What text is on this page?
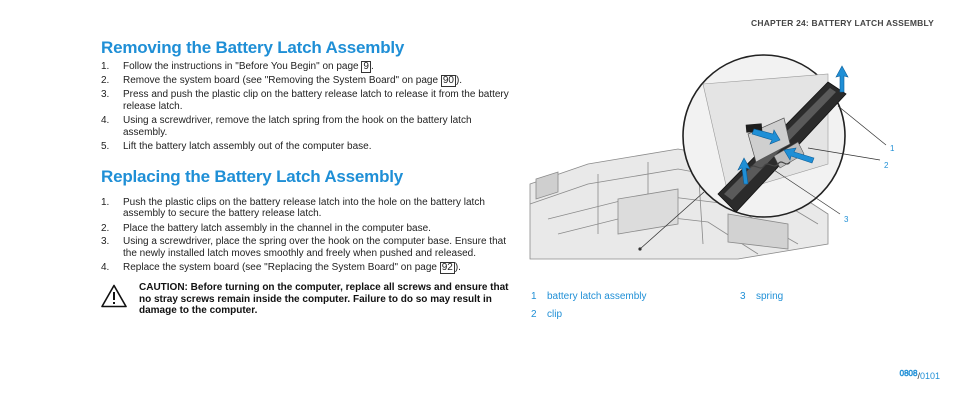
CHAPTER 24: BATTERY LATCH ASSEMBLY
Removing the Battery Latch Assembly
1. Follow the instructions in "Before You Begin" on page 9 .
2. Remove the system board (see "Removing the System Board" on page 90 ).
3. Press and push the plastic clip on the battery release latch to release it from the battery release latch.
4. Using a screwdriver, remove the latch spring from the hook on the battery latch assembly.
5. Lift the battery latch assembly out of the computer base.
Replacing the Battery Latch Assembly
1. Push the plastic clips on the battery release latch into the hole on the battery latch assembly to secure the battery release latch.
2. Place the battery latch assembly in the channel in the computer base.
3. Using a screwdriver, place the spring over the hook on the computer base. Ensure that the newly installed latch moves smoothly and freely when pushed and released.
4. Replace the system board (see "Replacing the System Board" on page 92 ).
CAUTION: Before turning on the computer, replace all screws and ensure that no stray screws remain inside the computer. Failure to do so may result in damage to the computer.
1
2
3
1 battery latch assembly
2 clip
3 spring
0808/0101
